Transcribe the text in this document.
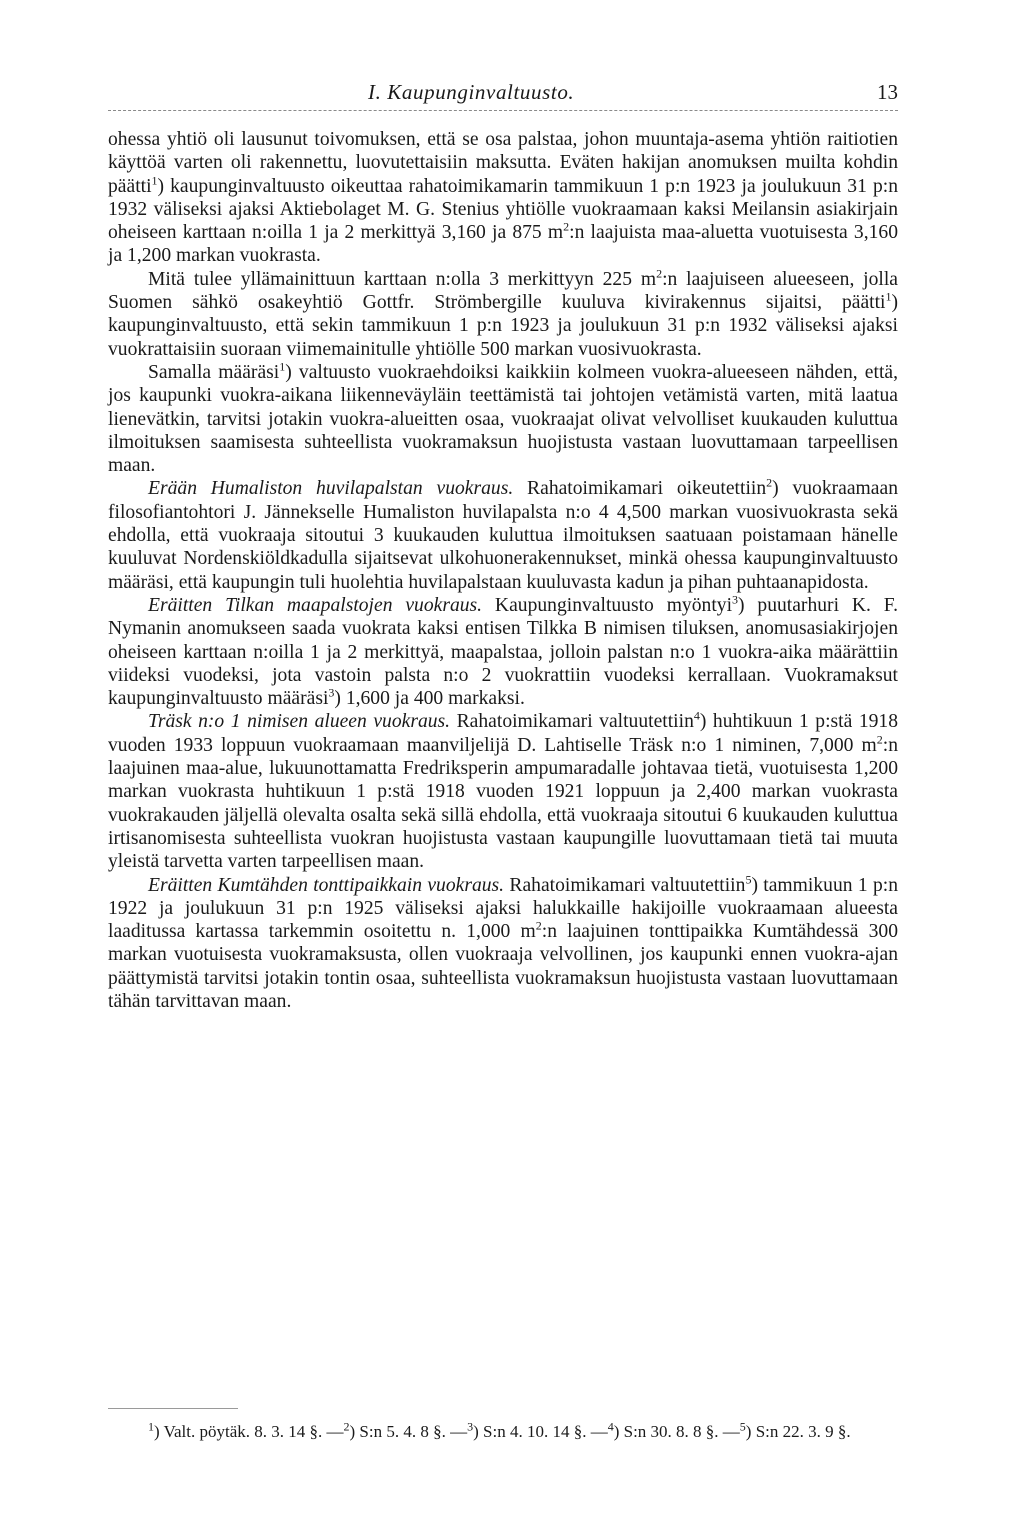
I. Kaupunginvaltuusto.	13

ohessa yhtiö oli lausunut toivomuksen, että se osa palstaa, johon muuntaja-asema yhtiön raitiotien käyttöä varten oli rakennettu, luovutettaisiin maksutta. Eväten hakijan anomuksen muilta kohdin päätti$^1$) kaupunginvaltuusto oikeuttaa rahatoimikamarin tammikuun 1 p:n 1923 ja joulukuun 31 p:n 1932 väliseksi ajaksi Aktiebolaget M. G. Stenius yhtiölle vuokraamaan kaksi Meilansin asiakirjain oheiseen karttaan n:oilla 1 ja 2 merkittyä 3,160 ja 875 $m^2:n$ laajuista maa-aluetta vuotuisesta 3,160 ja 1,200 markan vuokrasta.

Mitä tulee yllämainittuun karttaan n:olla 3 merkittyyn 225 $m^2:n$ laajuiseen alueeseen, jolla Suomen sähkö osakeyhtiö Gottfr. Strömbergille kuuluva kivirakennus sijaitsi, päätti$^1$) kaupunginvaltuusto, että sekin tammikuun 1 p:n 1923 ja joulukuun 31 p:n 1932 väliseksi ajaksi vuokrattaisiin suoraan viimemainitulle yhtiölle 500 markan vuosivuokrasta.

Samalla määräsi$^1$) valtuusto vuokraehdoiksi kaikkiin kolmeen vuokra-alueeseen nähden, että, jos kaupunki vuokra-aikana liikenneväyläin teettämistä tai johtojen vetämistä varten, mitä laatua lienevätkin, tarvitsi jotakin vuokra-alueitten osaa, vuokraajat olivat velvolliset kuukauden kuluttua ilmoituksen saamisesta suhteellista vuokramaksun huojistusta vastaan luovuttamaan tarpeellisen maan.

Erään Humaliston huvilapalstan vuokraus. Rahatoimikamari oikeutettiin$^2$) vuokraamaan filosofiantohtori J. Jännekselle Humaliston huvilapalsta n:o 4 4,500 markan vuosivuokrasta sekä ehdolla, että vuokraaja sitoutui 3 kuukauden kuluttua ilmoituksen saatuaan poistamaan hänelle kuuluvat Nordenskiöldkadulla sijaitsevat ulkohuonerakennukset, minkä ohessa kaupunginvaltuusto määräsi, että kaupungin tuli huolehtia huvilapalstaan kuuluvasta kadun ja pihan puhtaanapidosta.

Eräitten Tilkan maapalstojen vuokraus. Kaupunginvaltuusto myöntyi$^3$) puutarhuri K. F. Nymanin anomukseen saada vuokrata kaksi entisen Tilkka B nimisen tiluksen, anomusasiakirjojen oheiseen karttaan n:oilla 1 ja 2 merkittyä, maapalstaa, jolloin palstan n:o 1 vuokra-aika määrättiin viideksi vuodeksi, jota vastoin palsta n:o 2 vuokrattiin vuodeksi kerrallaan. Vuokramaksut kaupunginvaltuusto määräsi$^3$) 1,600 ja 400 markaksi.

Träsk n:o 1 nimisen alueen vuokraus. Rahatoimikamari valtuutettiin$^4$) huhtikuun 1 p:stä 1918 vuoden 1933 loppuun vuokraamaan maanviljelijä D. Lahtiselle Träsk n:o 1 niminen, 7,000 $m^2:n$ laajuinen maa-alue, lukuunottamatta Fredriksperin ampumaradalle johtavaa tietä, vuotuisesta 1,200 markan vuokrasta huhtikuun 1 p:stä 1918 vuoden 1921 loppuun ja 2,400 markan vuokrasta vuokrakauden jäljellä olevalta osalta sekä sillä ehdolla, että vuokraaja sitoutui 6 kuukauden kuluttua irtisanomisesta suhteellista vuokran huojistusta vastaan kaupungille luovuttamaan tietä tai muuta yleistä tarvetta varten tarpeellisen maan.

Eräitten Kumtähden tonttipaikkain vuokraus. Rahatoimikamari valtuutettiin$^5$) tammikuun 1 p:n 1922 ja joulukuun 31 p:n 1925 väliseksi ajaksi halukkaille hakijoille vuokraamaan alueesta laaditussa kartassa tarkemmin osoitettu n. 1,000 $m^2:n$ laajuinen tonttipaikka Kumtähdessä 300 markan vuotuisesta vuokramaksusta, ollen vuokraaja velvollinen, jos kaupunki ennen vuokra-ajan päättymistä tarvitsi jotakin tontin osaa, suhteellista vuokramaksun huojistusta vastaan luovuttamaan tähän tarvittavan maan.

$^1$) Valt. pöytäk. 8. 3. 14 §. —$^2$) S:n 5. 4. 8 §. —$^3$) S:n 4. 10. 14 §. —$^4$) S:n 30. 8. 8 §. —$^5$) S:n 22. 3. 9 §.
